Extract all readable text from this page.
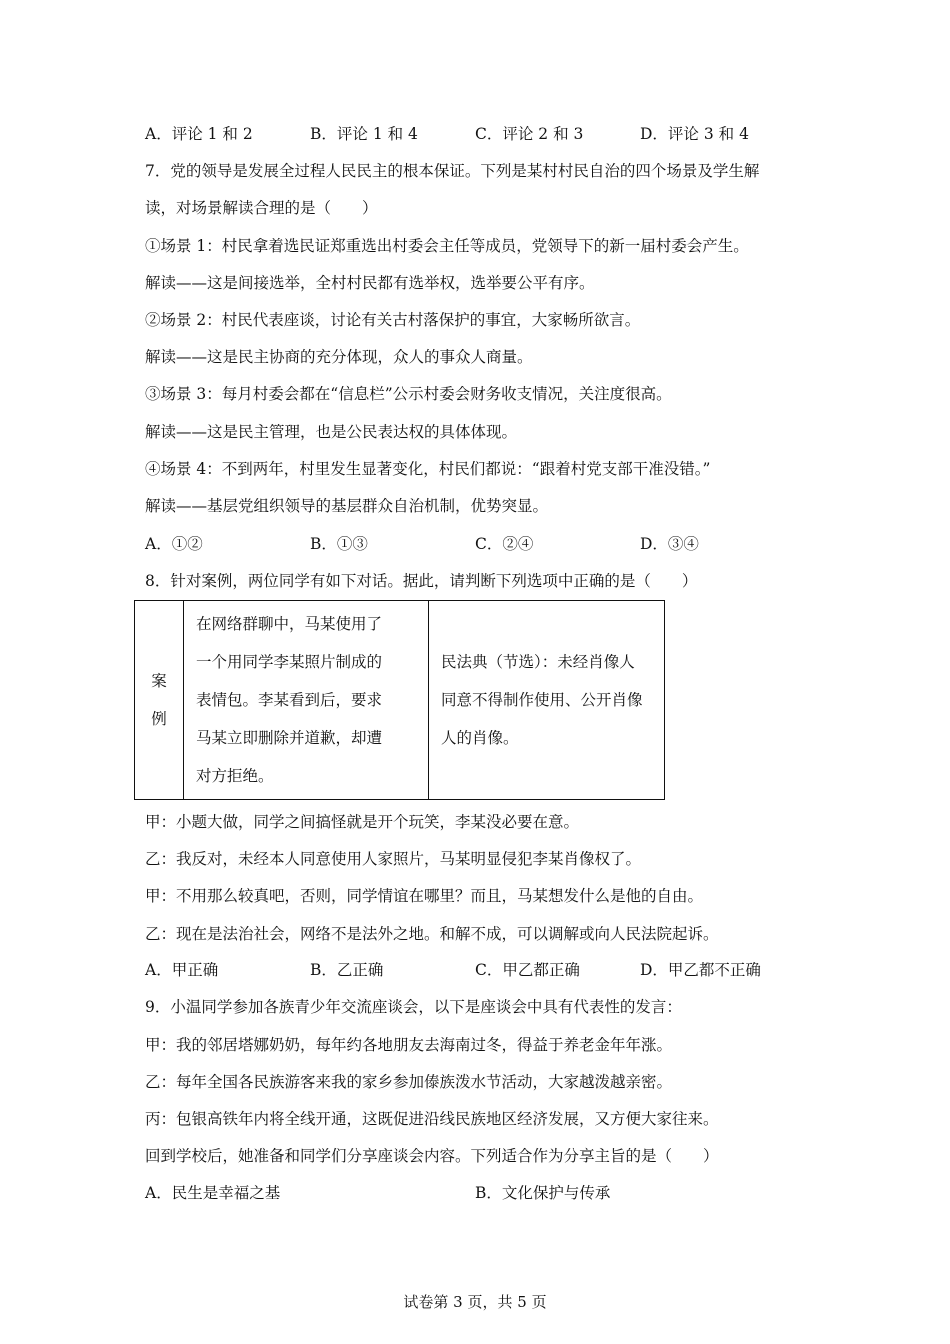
A．评论 1 和 2	B．评论 1 和 4	C．评论 2 和 3	D．评论 3 和 4
7．党的领导是发展全过程人民民主的根本保证。下列是某村村民自治的四个场景及学生解
读，对场景解读合理的是（　　）
①场景 1：村民拿着选民证郑重选出村委会主任等成员，党领导下的新一届村委会产生。
解读——这是间接选举，全村村民都有选举权，选举要公平有序。
②场景 2：村民代表座谈，讨论有关古村落保护的事宜，大家畅所欲言。
解读——这是民主协商的充分体现，众人的事众人商量。
③场景 3：每月村委会都在“信息栏”公示村委会财务收支情况，关注度很高。
解读——这是民主管理，也是公民表达权的具体体现。
④场景 4：不到两年，村里发生显著变化，村民们都说：“跟着村党支部干准没错。”
解读——基层党组织领导的基层群众自治机制，优势突显。
A．①②	B．①③	C．②④	D．③④
8．针对案例，两位同学有如下对话。据此，请判断下列选项中正确的是（　　）
案
例

在网络群聊中，马某使用了
一个用同学李某照片制成的
表情包。李某看到后，要求
马某立即删除并道歉，却遭
对方拒绝。

民法典（节选）：未经肖像人
同意不得制作使用、公开肖像
人的肖像。
甲：小题大做，同学之间搞怪就是开个玩笑，李某没必要在意。
乙：我反对，未经本人同意使用人家照片，马某明显侵犯李某肖像权了。
甲：不用那么较真吧，否则，同学情谊在哪里？而且，马某想发什么是他的自由。
乙：现在是法治社会，网络不是法外之地。和解不成，可以调解或向人民法院起诉。
A．甲正确	B．乙正确	C．甲乙都正确	D．甲乙都不正确
9．小温同学参加各族青少年交流座谈会，以下是座谈会中具有代表性的发言：
甲：我的邻居塔娜奶奶，每年约各地朋友去海南过冬，得益于养老金年年涨。
乙：每年全国各民族游客来我的家乡参加傣族泼水节活动，大家越泼越亲密。
丙：包银高铁年内将全线开通，这既促进沿线民族地区经济发展，又方便大家往来。
回到学校后，她准备和同学们分享座谈会内容。下列适合作为分享主旨的是（　　）
A．民生是幸福之基	B．文化保护与传承
试卷第 3 页，共 5 页
